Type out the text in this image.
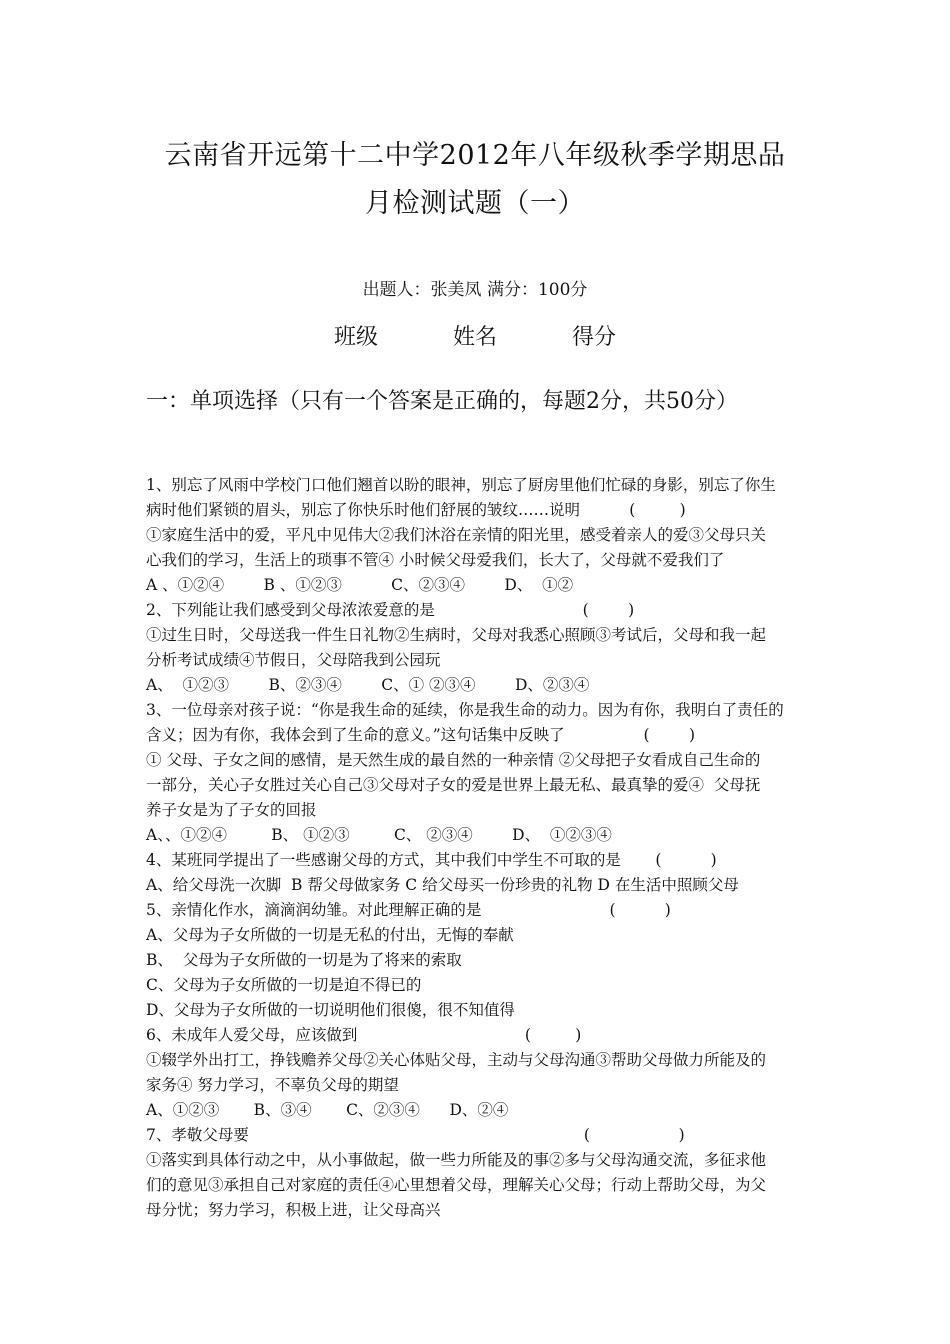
云南省开远第十二中学2012年八年级秋季学期思品
月检测试题（一）
出题人：张美凤 满分：100分
班级	姓名	得分
一：单项选择（只有一个答案是正确的，每题2分，共50分）
1、别忘了风雨中学校门口他们翘首以盼的眼神，别忘了厨房里他们忙碌的身影，别忘了你生
病时他们紧锁的眉头，别忘了你快乐时他们舒展的皱纹……说明          (         )
①家庭生活中的爱，平凡中见伟大②我们沐浴在亲情的阳光里，感受着亲人的爱③父母只关
心我们的学习，生活上的琐事不管④ 小时候父母爱我们，长大了，父母就不爱我们了
A 、①②④        B 、①②③          C、②③④        D、  ①②
2、下列能让我们感受到父母浓浓爱意的是                              (        )
①过生日时，父母送我一件生日礼物②生病时，父母对我悉心照顾③考试后，父母和我一起
分析考试成绩④节假日，父母陪我到公园玩
A、  ①②③        B、②③④        C、① ②③④        D、②③④
3、一位母亲对孩子说：“你是我生命的延续，你是我生命的动力。因为有你，我明白了责任的
含义；因为有你，我体会到了生命的意义。”这句话集中反映了                (        )
① 父母、子女之间的感情，是天然生成的最自然的一种亲情 ②父母把子女看成自己生命的
一部分，关心子女胜过关心自己③父母对子女的爱是世界上最无私、最真挚的爱④  父母抚
养子女是为了子女的回报
A、、①②④         B、 ①②③         C、 ②③④        D、  ①②③④
4、某班同学提出了一些感谢父母的方式，其中我们中学生不可取的是       (          )
A、给父母洗一次脚  B 帮父母做家务 C 给父母买一份珍贵的礼物 D 在生活中照顾父母
5、亲情化作水，滴滴润幼雏。对此理解正确的是                          (          )
A、父母为子女所做的一切是无私的付出，无悔的奉献
B、  父母为子女所做的一切是为了将来的索取
C、父母为子女所做的一切是迫不得已的
D、父母为子女所做的一切说明他们很傻，很不知值得
6、未成年人爱父母，应该做到                                  (         )
①辍学外出打工，挣钱赡养父母②关心体贴父母，主动与父母沟通③帮助父母做力所能及的
家务④ 努力学习，不辜负父母的期望
A、①②③       B、③④       C、②③④      D、②④
7、孝敬父母要                                                                    (                  )
①落实到具体行动之中，从小事做起，做一些力所能及的事②多与父母沟通交流，多征求他
们的意见③承担自己对家庭的责任④心里想着父母，理解关心父母；行动上帮助父母，为父
母分忧；努力学习，积极上进，让父母高兴
